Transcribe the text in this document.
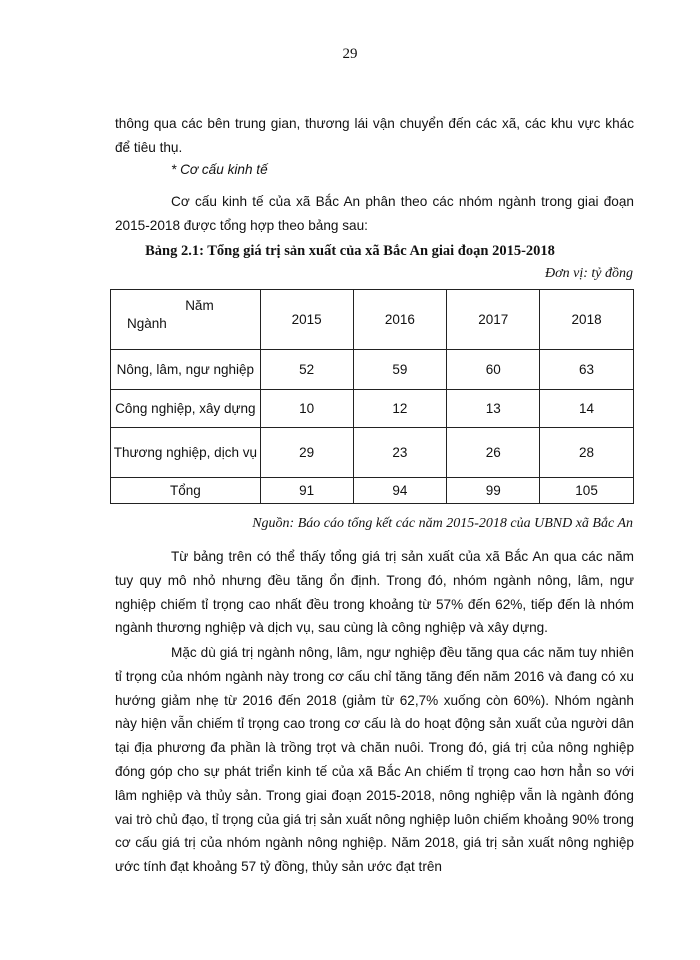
29

thông qua các bên trung gian, thương lái vận chuyển đến các xã, các khu vực khác để tiêu thụ.

* Cơ cấu kinh tế

Cơ cấu kinh tế của xã Bắc An phân theo các nhóm ngành trong giai đoạn 2015-2018 được tổng hợp theo bảng sau:

Bảng 2.1: Tổng giá trị sản xuất của xã Bắc An giai đoạn 2015-2018
Đơn vị: tỷ đồng
Năm
Ngành	2015	2016	2017	2018
Nông, lâm, ngư nghiệp	52	59	60	63
Công nghiệp, xây dựng	10	12	13	14
Thương nghiệp, dịch vụ	29	23	26	28
Tổng	91	94	99	105
Nguồn: Báo cáo tổng kết các năm 2015-2018 của UBND xã Bắc An

Từ bảng trên có thể thấy tổng giá trị sản xuất của xã Bắc An qua các năm tuy quy mô nhỏ nhưng đều tăng ổn định. Trong đó, nhóm ngành nông, lâm, ngư nghiệp chiếm tỉ trọng cao nhất đều trong khoảng từ 57% đến 62%, tiếp đến là nhóm ngành thương nghiệp và dịch vụ, sau cùng là công nghiệp và xây dựng.

Mặc dù giá trị ngành nông, lâm, ngư nghiệp đều tăng qua các năm tuy nhiên tỉ trọng của nhóm ngành này trong cơ cấu chỉ tăng tăng đến năm 2016 và đang có xu hướng giảm nhẹ từ 2016 đến 2018 (giảm từ 62,7% xuống còn 60%). Nhóm ngành này hiện vẫn chiếm tỉ trọng cao trong cơ cấu là do hoạt động sản xuất của người dân tại địa phương đa phần là trồng trọt và chăn nuôi. Trong đó, giá trị của nông nghiệp đóng góp cho sự phát triển kinh tế của xã Bắc An chiếm tỉ trọng cao hơn hẳn so với lâm nghiệp và thủy sản. Trong giai đoạn 2015-2018, nông nghiệp vẫn là ngành đóng vai trò chủ đạo, tỉ trọng của giá trị sản xuất nông nghiệp luôn chiếm khoảng 90% trong cơ cấu giá trị của nhóm ngành nông nghiệp. Năm 2018, giá trị sản xuất nông nghiệp ước tính đạt khoảng 57 tỷ đồng, thủy sản ước đạt trên
